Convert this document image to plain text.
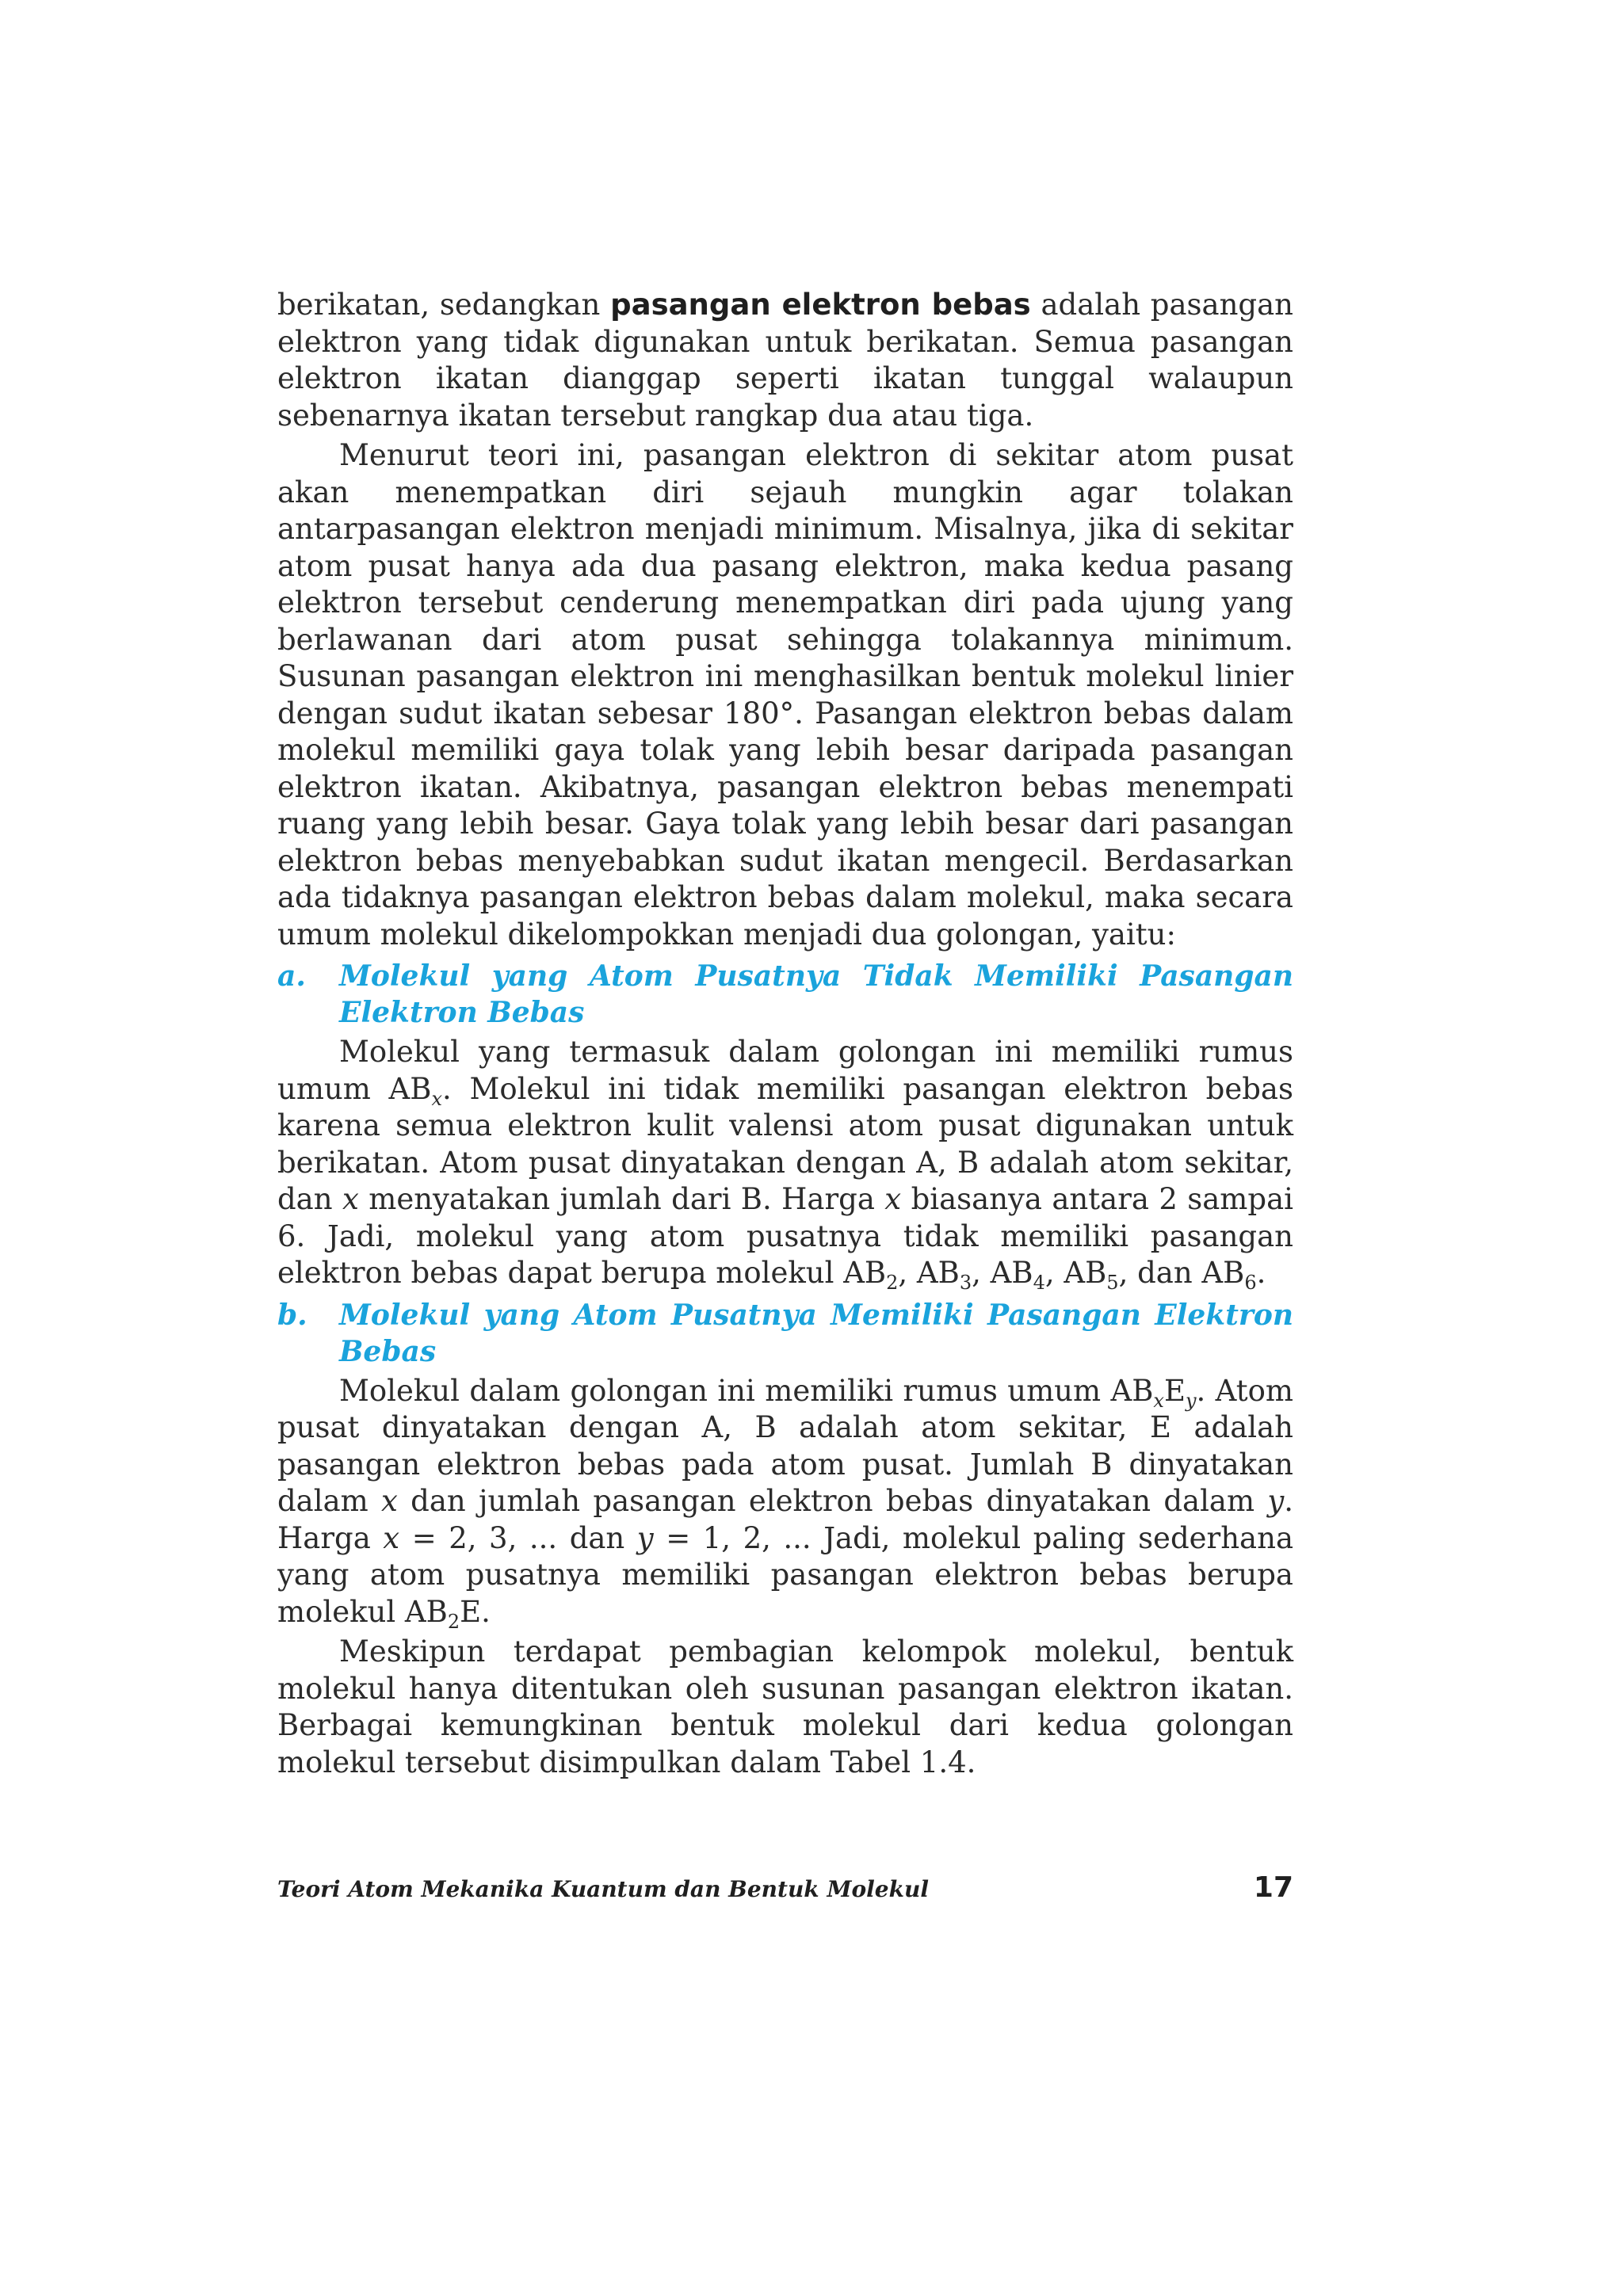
berikatan, sedangkan pasangan elektron bebas adalah pasangan elektron yang tidak digunakan untuk berikatan. Semua pasangan elektron ikatan dianggap seperti ikatan tunggal walaupun sebenarnya ikatan tersebut rangkap dua atau tiga.

Menurut teori ini, pasangan elektron di sekitar atom pusat akan menempatkan diri sejauh mungkin agar tolakan antarpasangan elektron menjadi minimum. Misalnya, jika di sekitar atom pusat hanya ada dua pasang elektron, maka kedua pasang elektron tersebut cenderung menempatkan diri pada ujung yang berlawanan dari atom pusat sehingga tolakannya minimum. Susunan pasangan elektron ini menghasilkan bentuk molekul linier dengan sudut ikatan sebesar 180°. Pasangan elektron bebas dalam molekul memiliki gaya tolak yang lebih besar daripada pasangan elektron ikatan. Akibatnya, pasangan elektron bebas menempati ruang yang lebih besar. Gaya tolak yang lebih besar dari pasangan elektron bebas menyebabkan sudut ikatan mengecil. Berdasarkan ada tidaknya pasangan elektron bebas dalam molekul, maka secara umum molekul dikelompokkan menjadi dua golongan, yaitu:

a.	Molekul yang Atom Pusatnya Tidak Memiliki Pasangan Elektron Bebas

Molekul yang termasuk dalam golongan ini memiliki rumus umum $AB_x$. Molekul ini tidak memiliki pasangan elektron bebas karena semua elektron kulit valensi atom pusat digunakan untuk berikatan. Atom pusat dinyatakan dengan A, B adalah atom sekitar, dan x menyatakan jumlah dari B. Harga x biasanya antara 2 sampai 6. Jadi, molekul yang atom pusatnya tidak memiliki pasangan elektron bebas dapat berupa molekul $AB_2$, $AB_3$, $AB_4$, $AB_5$, dan $AB_6$.

b.	Molekul yang Atom Pusatnya Memiliki Pasangan Elektron Bebas

Molekul dalam golongan ini memiliki rumus umum $AB_xE_y$. Atom pusat dinyatakan dengan A, B adalah atom sekitar, E adalah pasangan elektron bebas pada atom pusat. Jumlah B dinyatakan dalam x dan jumlah pasangan elektron bebas dinyatakan dalam y. Harga x = 2, 3, ... dan y = 1, 2, ... Jadi, molekul paling sederhana yang atom pusatnya memiliki pasangan elektron bebas berupa molekul $AB_2E$.

Meskipun terdapat pembagian kelompok molekul, bentuk molekul hanya ditentukan oleh susunan pasangan elektron ikatan. Berbagai kemungkinan bentuk molekul dari kedua golongan molekul tersebut disimpulkan dalam Tabel 1.4.

Teori Atom Mekanika Kuantum dan Bentuk Molekul	17
